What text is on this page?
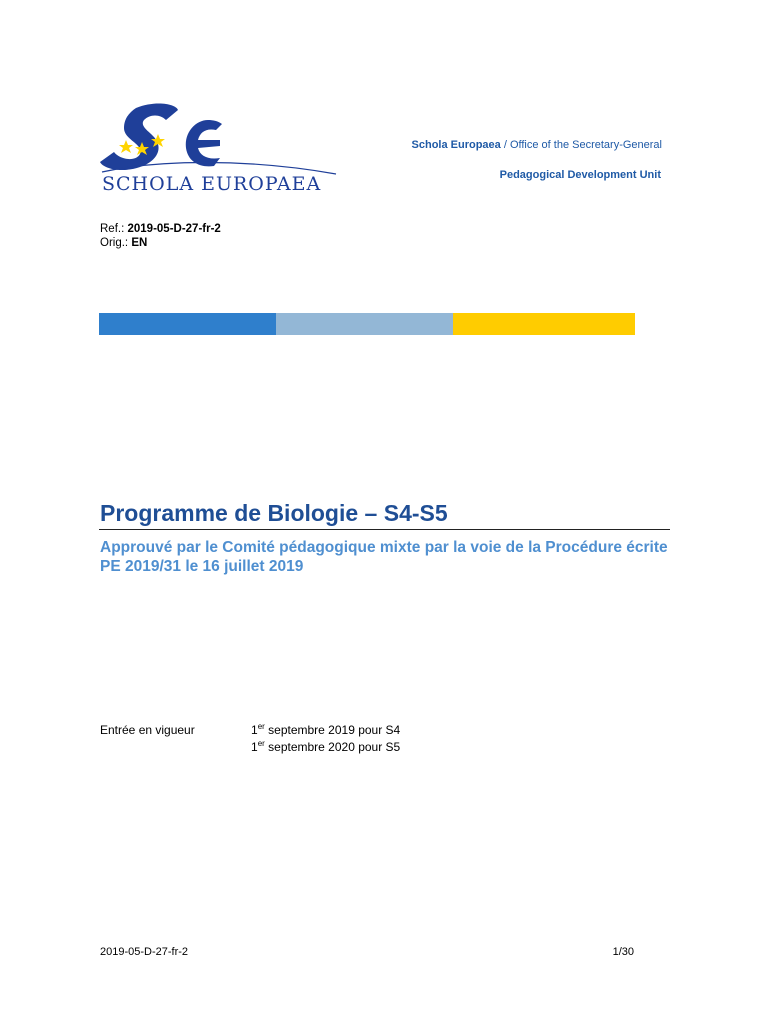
SCHOLA EUROPAEA
Schola Europaea / Office of the Secretary-General
Pedagogical Development Unit
Ref.: 2019-05-D-27-fr-2
Orig.: EN
Programme de Biologie – S4-S5
Approuvé par le Comité pédagogique mixte par la voie de la Procédure écrite PE 2019/31 le 16 juillet 2019
Entrée en vigueur	1er septembre 2019 pour S4
1er septembre 2020 pour S5
2019-05-D-27-fr-2	1/30
